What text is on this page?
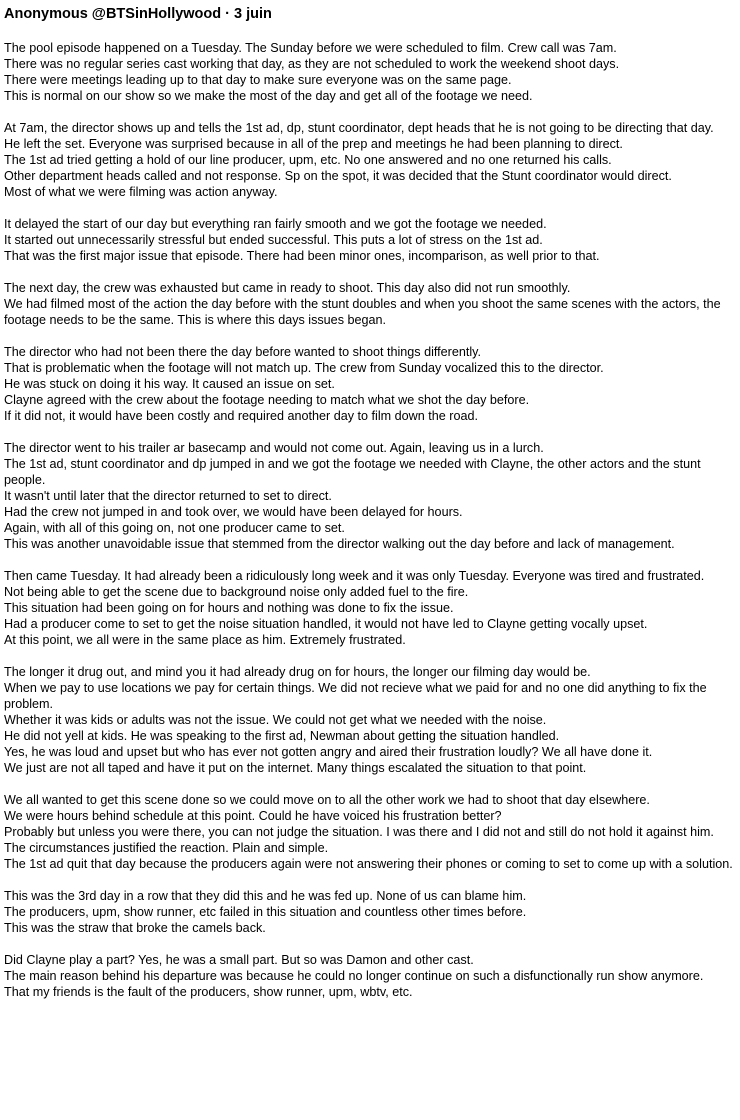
Anonymous @BTSinHollywood · 3 juin
The pool episode happened on a Tuesday. The Sunday before we were scheduled to film. Crew call was 7am.
There was no regular series cast working that day, as they are not scheduled to work the weekend shoot days.
There were meetings leading up to that day to make sure everyone was on the same page.
This is normal on our show so we make the most of the day and get all of the footage we need.
At 7am, the director shows up and tells the 1st ad, dp, stunt coordinator, dept heads that he is not going to be directing that day.
He left the set. Everyone was surprised because in all of the prep and meetings he had been planning to direct.
The 1st ad tried getting a hold of our line producer, upm, etc. No one answered and no one returned his calls.
Other department heads called and not response. Sp on the spot, it was decided that the Stunt coordinator would direct.
Most of what we were filming was action anyway.
It delayed the start of our day but everything ran fairly smooth and we got the footage we needed.
It started out unnecessarily stressful but ended successful. This puts a lot of stress on the 1st ad.
That was the first major issue that episode. There had been minor ones, incomparison, as well prior to that.
The next day, the crew was exhausted but came in ready to shoot. This day also did not run smoothly.
We had filmed most of the action the day before with the stunt doubles and when you shoot the same scenes with the actors, the footage needs to be the same. This is where this days issues began.
The director who had not been there the day before wanted to shoot things differently.
That is problematic when the footage will not match up. The crew from Sunday vocalized this to the director.
He was stuck on doing it his way. It caused an issue on set.
Clayne agreed with the crew about the footage needing to match what we shot the day before.
If it did not, it would have been costly and required another day to film down the road.
The director went to his trailer ar basecamp and would not come out. Again, leaving us in a lurch.
The 1st ad, stunt coordinator and dp jumped in and we got the footage we needed with Clayne, the other actors and the stunt people.
It wasn't until later that the director returned to set to direct.
Had the crew not jumped in and took over, we would have been delayed for hours.
Again, with all of this going on, not one producer came to set.
This was another unavoidable issue that stemmed from the director walking out the day before and lack of management.
Then came Tuesday. It had already been a ridiculously long week and it was only Tuesday. Everyone was tired and frustrated.
Not being able to get the scene due to background noise only added fuel to the fire.
This situation had been going on for hours and nothing was done to fix the issue.
Had a producer come to set to get the noise situation handled, it would not have led to Clayne getting vocally upset.
At this point, we all were in the same place as him. Extremely frustrated.
The longer it drug out, and mind you it had already drug on for hours, the longer our filming day would be.
When we pay to use locations we pay for certain things. We did not recieve what we paid for and no one did anything to fix the problem.
Whether it was kids or adults was not the issue. We could not get what we needed with the noise.
He did not yell at kids. He was speaking to the first ad, Newman about getting the situation handled.
Yes, he was loud and upset but who has ever not gotten angry and aired their frustration loudly? We all have done it.
We just are not all taped and have it put on the internet. Many things escalated the situation to that point.
We all wanted to get this scene done so we could move on to all the other work we had to shoot that day elsewhere.
We were hours behind schedule at this point. Could he have voiced his frustration better?
Probably but unless you were there, you can not judge the situation. I was there and I did not and still do not hold it against him.
The circumstances justified the reaction. Plain and simple.
The 1st ad quit that day because the producers again were not answering their phones or coming to set to come up with a solution.
This was the 3rd day in a row that they did this and he was fed up. None of us can blame him.
The producers, upm, show runner, etc failed in this situation and countless other times before.
This was the straw that broke the camels back.
Did Clayne play a part? Yes, he was a small part. But so was Damon and other cast.
The main reason behind his departure was because he could no longer continue on such a disfunctionally run show anymore.
That my friends is the fault of the producers, show runner, upm, wbtv, etc.
